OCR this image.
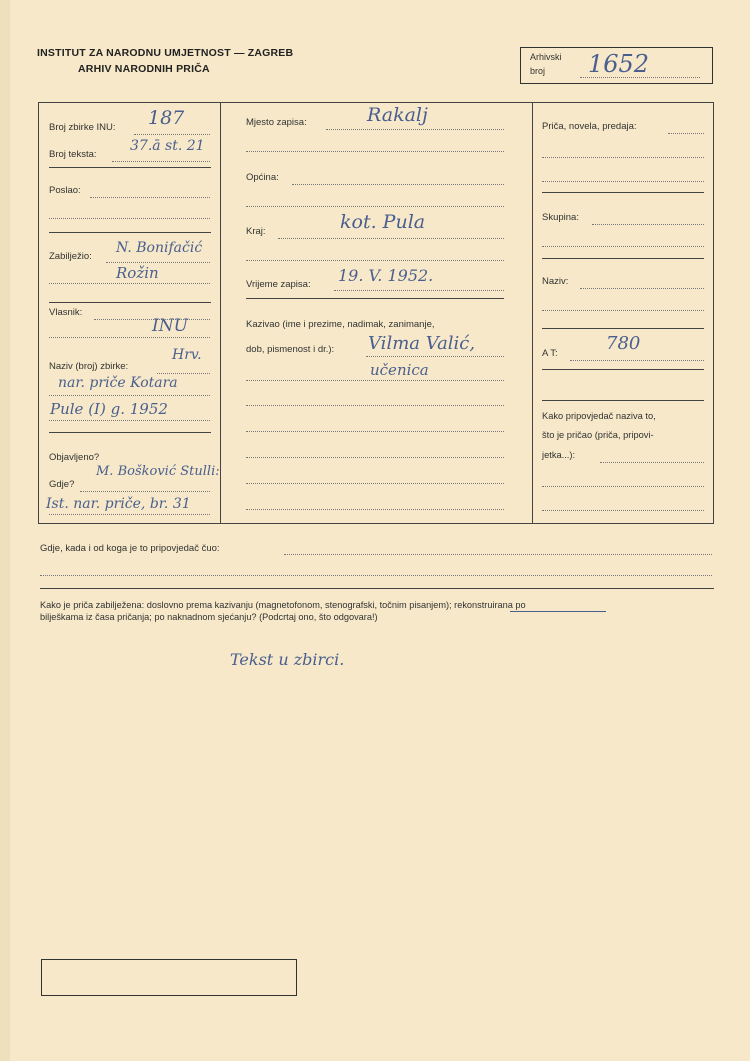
INSTITUT ZA NARODNU UMJETNOST — ZAGREB
ARHIV NARODNIH PRIČA
Arhivski
broj 1652
Broj zbirke INU: 187
Broj teksta:
37.ā st. 21
Poslao:
Zabilježio:
N. Bonifačić
Rožin
Vlasnik:
INU
Naziv (broj) zbirke:
Hrv.
nar. priče Kotara
Pule (I) g. 1952
Objavljeno?
M. Bošković Stulli:
Gdje?
Ist. nar. priče, br. 31
Mjesto zapisa:	Rakalj
Općina:
Kraj:	kot. Pula
Vrijeme zapisa: 19. V. 1952.
Kazivao (ime i prezime, nadimak, zanimanje,
dob, pismenost i dr.): Vilma Valić,
učenica
Priča, novela, predaja:
Skupina:
Naziv:
A T:	780
Kako pripovjedač naziva to,
što je pričao (priča, pripovi-
jetka...):
Gdje, kada i od koga je to pripovjedač čuo:
Kako je priča zabilježena: doslovno prema kazivanju (magnetofonom, stenografski, točnim pisanjem); rekonstruirana po
bilješkama iz časa pričanja; po naknadnom sjećanju? (Podcrtaj ono, što odgovara!)
Tekst u zbirci.
